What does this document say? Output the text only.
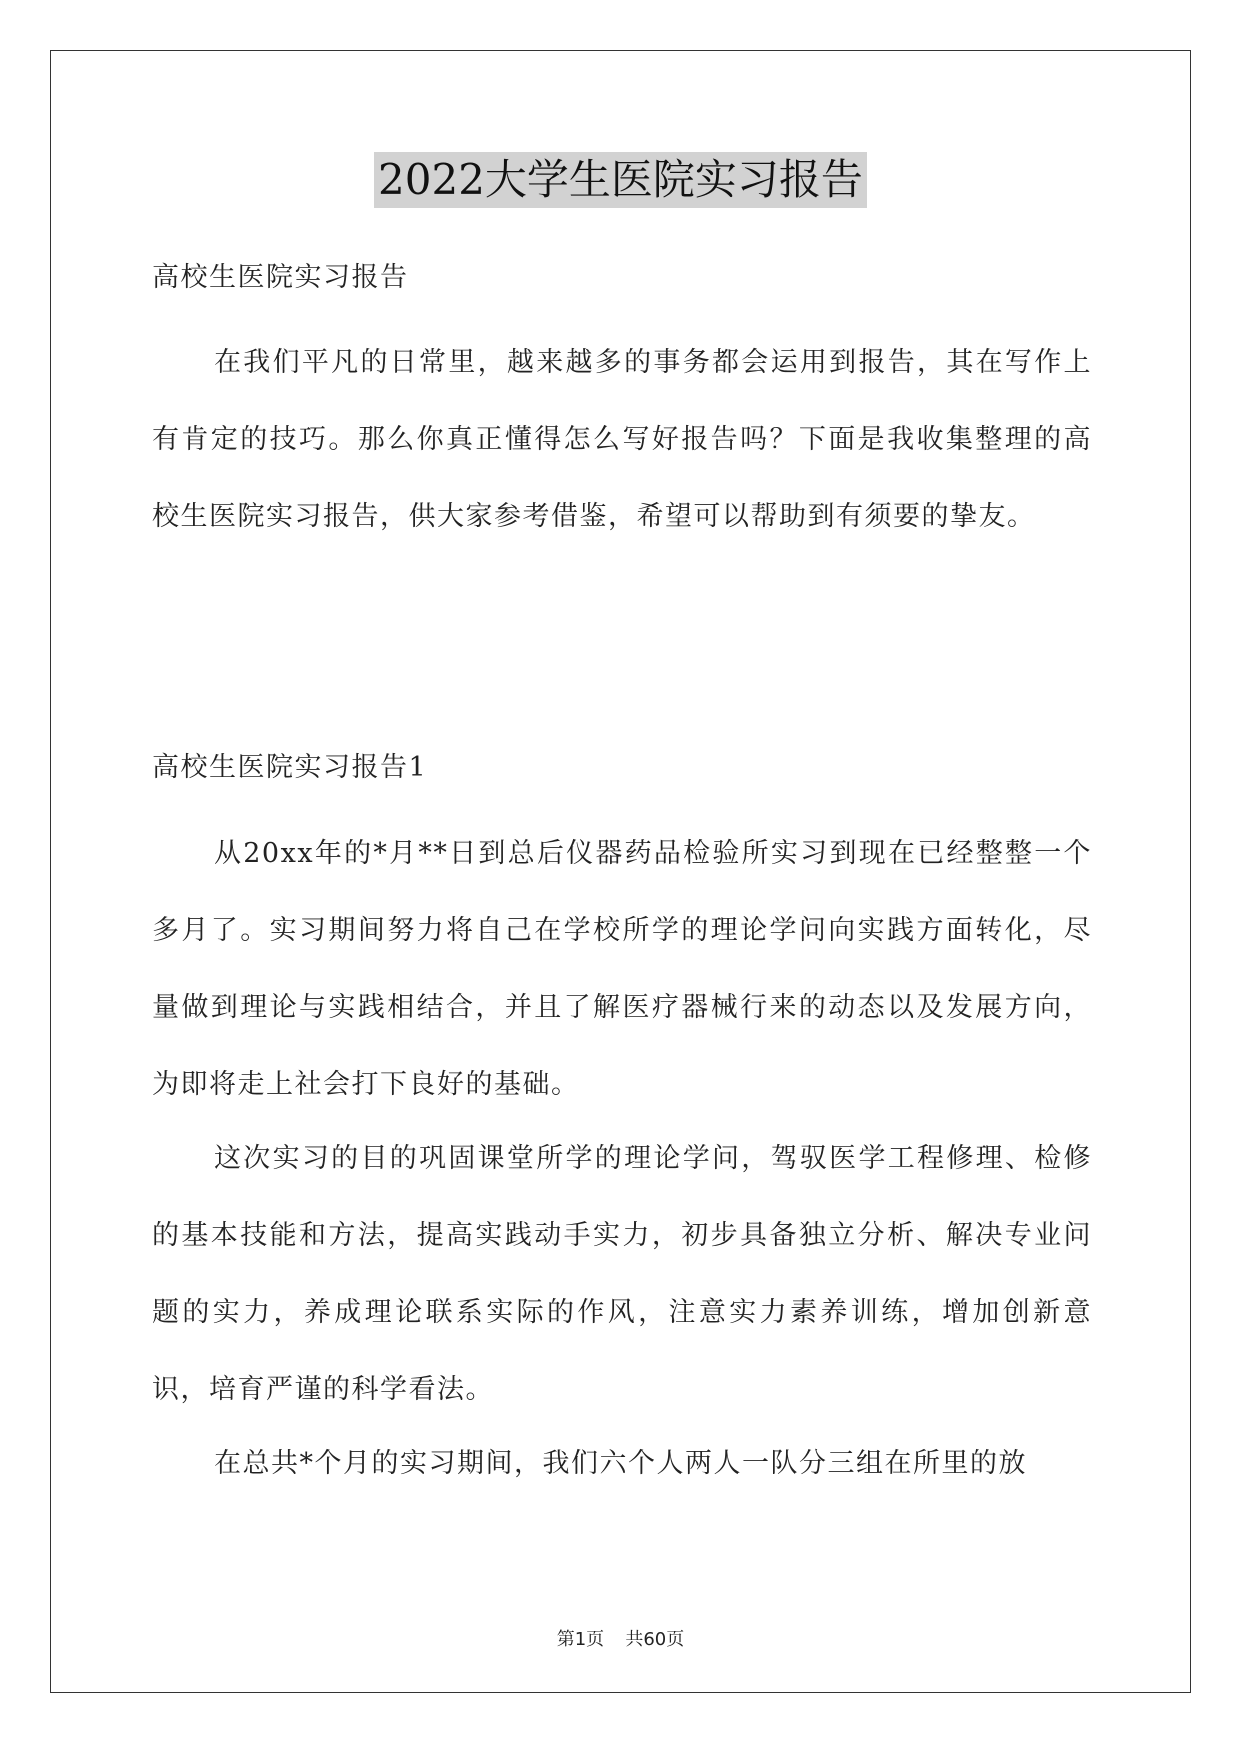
2022大学生医院实习报告

高校生医院实习报告

在我们平凡的日常里，越来越多的事务都会运用到报告，其在写作上有肯定的技巧。那么你真正懂得怎么写好报告吗？下面是我收集整理的高校生医院实习报告，供大家参考借鉴，希望可以帮助到有须要的挚友。

高校生医院实习报告1

从20xx年的*月**日到总后仪器药品检验所实习到现在已经整整一个多月了。实习期间努力将自己在学校所学的理论学问向实践方面转化，尽量做到理论与实践相结合，并且了解医疗器械行来的动态以及发展方向，为即将走上社会打下良好的基础。

这次实习的目的巩固课堂所学的理论学问，驾驭医学工程修理、检修的基本技能和方法，提高实践动手实力，初步具备独立分析、解决专业问题的实力，养成理论联系实际的作风，注意实力素养训练，增加创新意识，培育严谨的科学看法。

在总共*个月的实习期间，我们六个人两人一队分三组在所里的放

第1页 共60页
